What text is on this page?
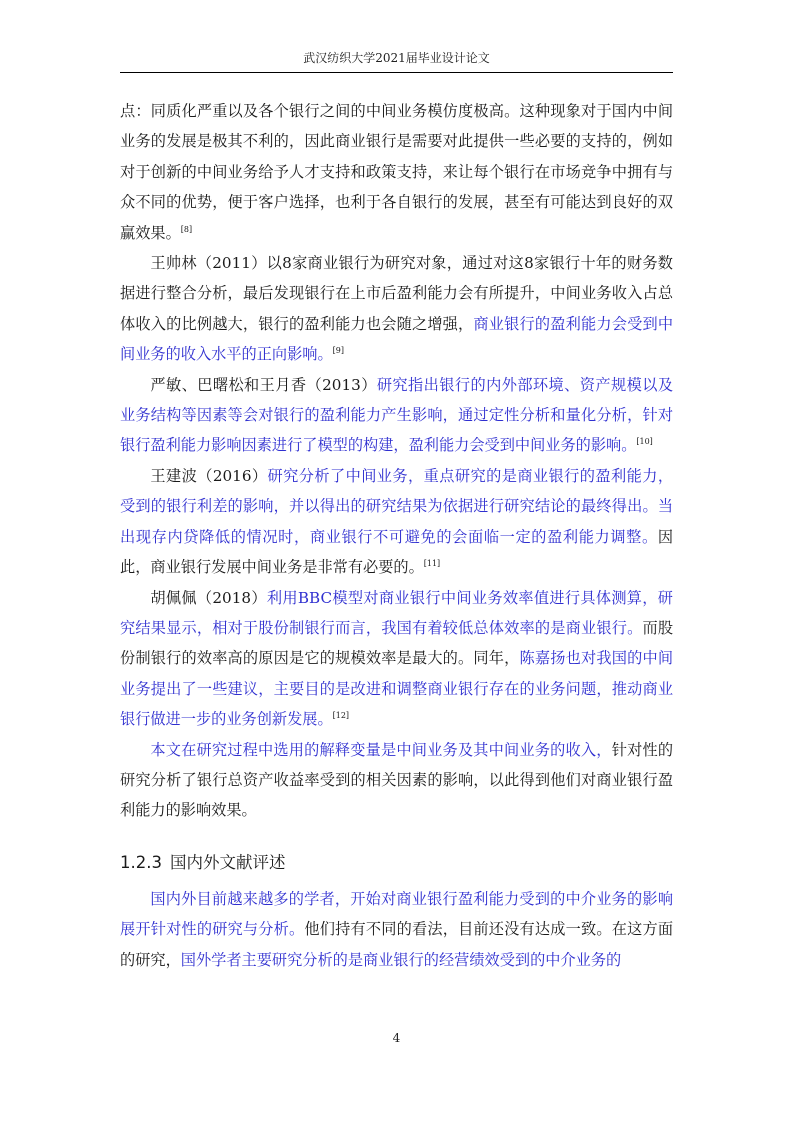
武汉纺织大学2021届毕业设计论文

点：同质化严重以及各个银行之间的中间业务模仿度极高。这种现象对于国内中间业务的发展是极其不利的，因此商业银行是需要对此提供一些必要的支持的，例如对于创新的中间业务给予人才支持和政策支持，来让每个银行在市场竞争中拥有与众不同的优势，便于客户选择，也利于各自银行的发展，甚至有可能达到良好的双赢效果。[8]

王帅林（2011）以8家商业银行为研究对象，通过对这8家银行十年的财务数据进行整合分析，最后发现银行在上市后盈利能力会有所提升，中间业务收入占总体收入的比例越大，银行的盈利能力也会随之增强，商业银行的盈利能力会受到中间业务的收入水平的正向影响。[9]

严敏、巴曙松和王月香（2013）研究指出银行的内外部环境、资产规模以及业务结构等因素等会对银行的盈利能力产生影响，通过定性分析和量化分析，针对银行盈利能力影响因素进行了模型的构建，盈利能力会受到中间业务的影响。[10]

王建波（2016）研究分析了中间业务，重点研究的是商业银行的盈利能力，受到的银行利差的影响，并以得出的研究结果为依据进行研究结论的最终得出。当出现存内贷降低的情况时，商业银行不可避免的会面临一定的盈利能力调整。因此，商业银行发展中间业务是非常有必要的。[11]

胡佩佩（2018）利用BBC模型对商业银行中间业务效率值进行具体测算，研究结果显示，相对于股份制银行而言，我国有着较低总体效率的是商业银行。而股份制银行的效率高的原因是它的规模效率是最大的。同年，陈嘉扬也对我国的中间业务提出了一些建议，主要目的是改进和调整商业银行存在的业务问题，推动商业银行做进一步的业务创新发展。[12]

本文在研究过程中选用的解释变量是中间业务及其中间业务的收入，针对性的研究分析了银行总资产收益率受到的相关因素的影响，以此得到他们对商业银行盈利能力的影响效果。

1.2.3 国内外文献评述

国内外目前越来越多的学者，开始对商业银行盈利能力受到的中介业务的影响展开针对性的研究与分析。他们持有不同的看法，目前还没有达成一致。在这方面的研究，国外学者主要研究分析的是商业银行的经营绩效受到的中介业务的

4
